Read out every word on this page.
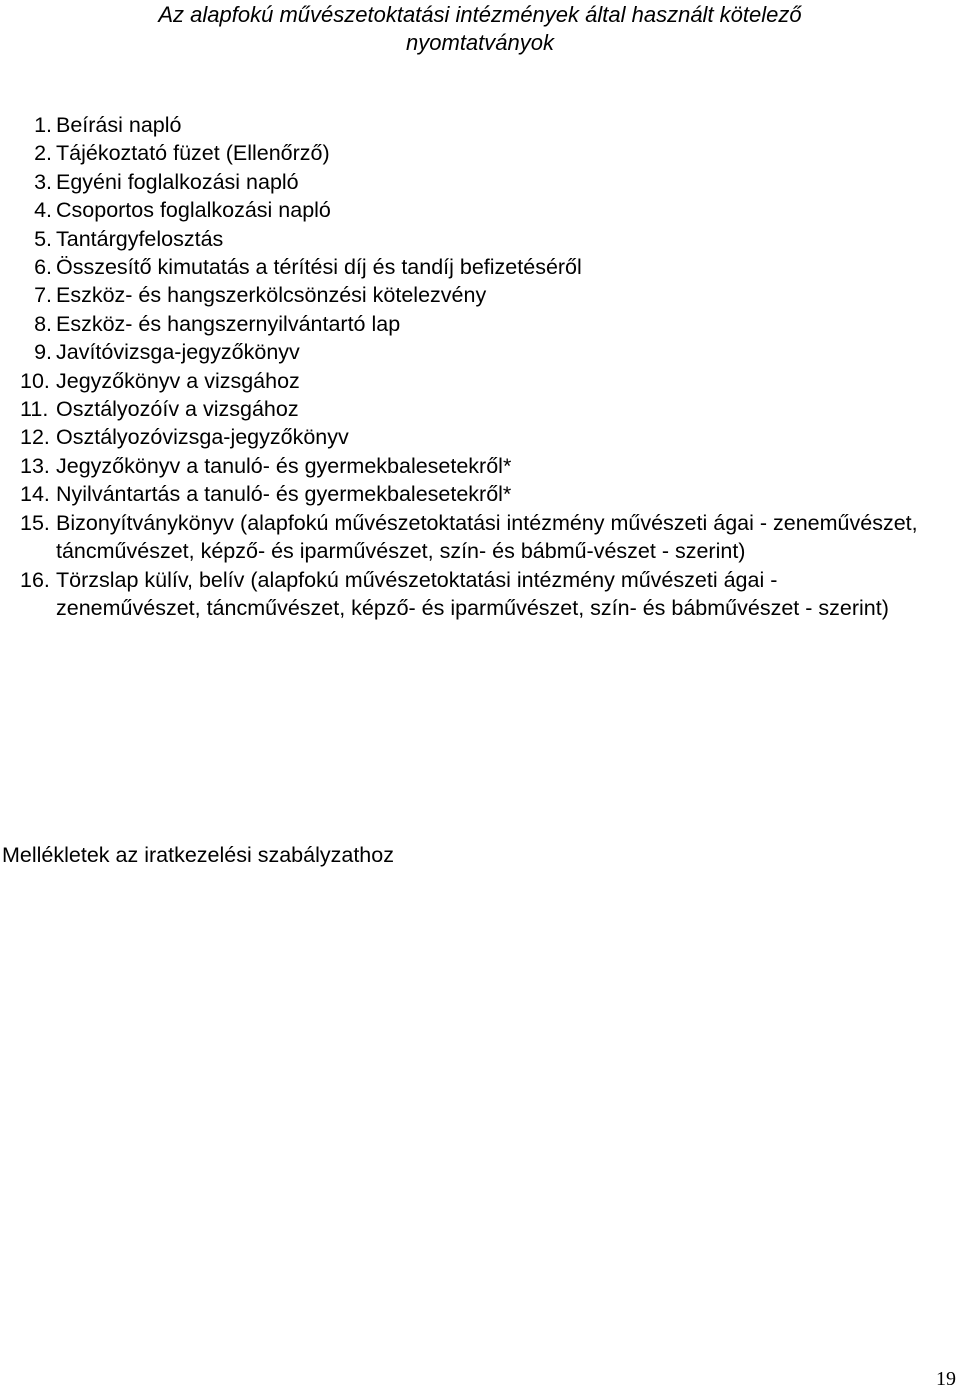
Az alapfokú művészetoktatási intézmények által használt kötelező
nyomtatványok
1. Beírási napló
2. Tájékoztató füzet (Ellenőrző)
3. Egyéni foglalkozási napló
4. Csoportos foglalkozási napló
5. Tantárgyfelosztás
6. Összesítő kimutatás a térítési díj és tandíj befizetéséről
7. Eszköz- és hangszerkölcsönzési kötelezvény
8. Eszköz- és hangszernyilvántartó lap
9. Javítóvizsga-jegyzőkönyv
10. Jegyzőkönyv a vizsgához
11. Osztályozóív a vizsgához
12. Osztályozóvizsga-jegyzőkönyv
13. Jegyzőkönyv a tanuló- és gyermekbalesetekről*
14. Nyilvántartás a tanuló- és gyermekbalesetekről*
15. Bizonyítványkönyv (alapfokú művészetoktatási intézmény művészeti ágai - zeneművészet, táncművészet, képző- és iparművészet, szín- és bábmű-vészet - szerint)
16. Törzslap külív, belív (alapfokú művészetoktatási intézmény művészeti ágai - zeneművészet, táncművészet, képző- és iparművészet, szín- és bábművészet - szerint)
Mellékletek az iratkezelési szabályzathoz
19
